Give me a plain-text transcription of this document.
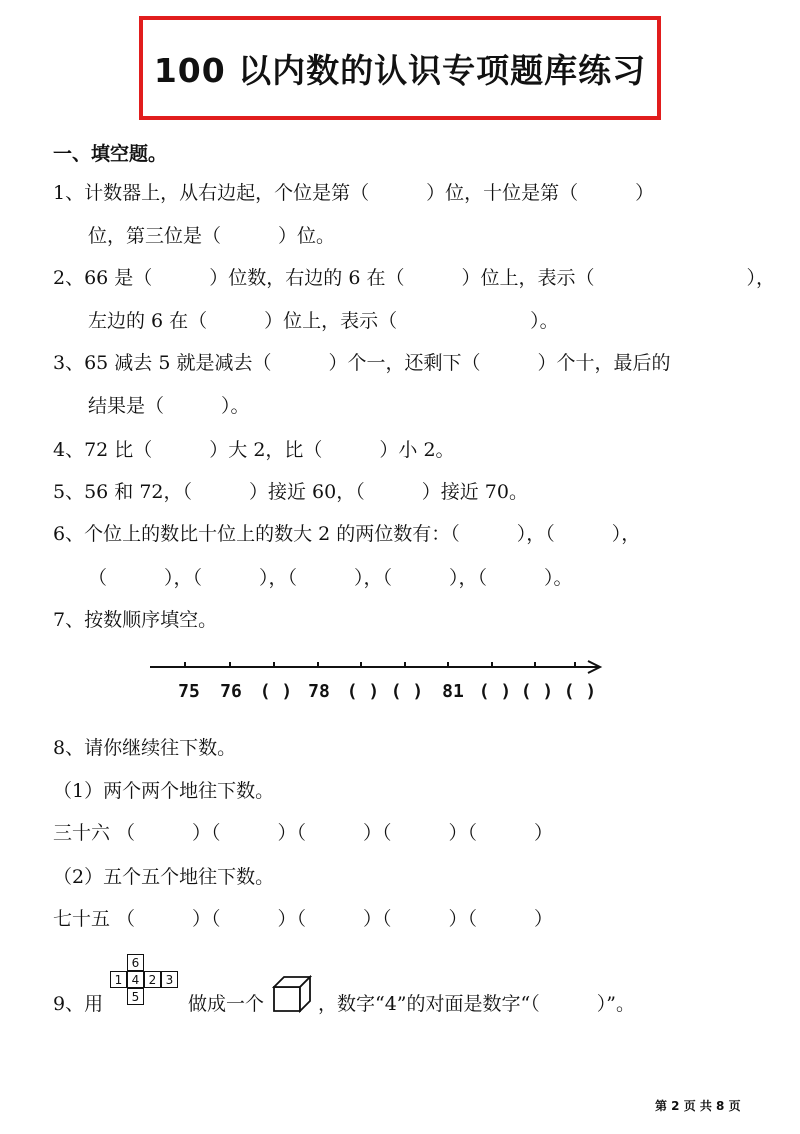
100 以内数的认识专项题库练习
一、填空题。
1、计数器上，从右边起，个位是第（　　　）位，十位是第（　　　）
位，第三位是（　　　）位。
2、66 是（　　　）位数，右边的 6 在（　　　）位上，表示（　　　　　　　　），
左边的 6 在（　　　）位上，表示（　　　　　　　）。
3、65 减去 5 就是减去（　　　）个一，还剩下（　　　）个十，最后的
结果是（　　　）。
4、72 比（　　　）大 2，比（　　　）小 2。
5、56 和 72，（　　　）接近 60，（　　　）接近 70。
6、个位上的数比十位上的数大 2 的两位数有：（　　　），（　　　），
（　　　），（　　　），（　　　），（　　　），（　　　）。
7、按数顺序填空。
75 76 ( ) 78 ( ) ( ) 81 ( ) ( ) ( )
8、请你继续往下数。
（1）两个两个地往下数。
三十六 （　　　）（　　　）（　　　）（　　　）（　　　）
（2）五个五个地往下数。
七十五 （　　　）（　　　）（　　　）（　　　）（　　　）
9、用
6
1 4 2 3
5	做成一个	，数字“4”的对面是数字“（　　　）”。
第 2 页 共 8 页
